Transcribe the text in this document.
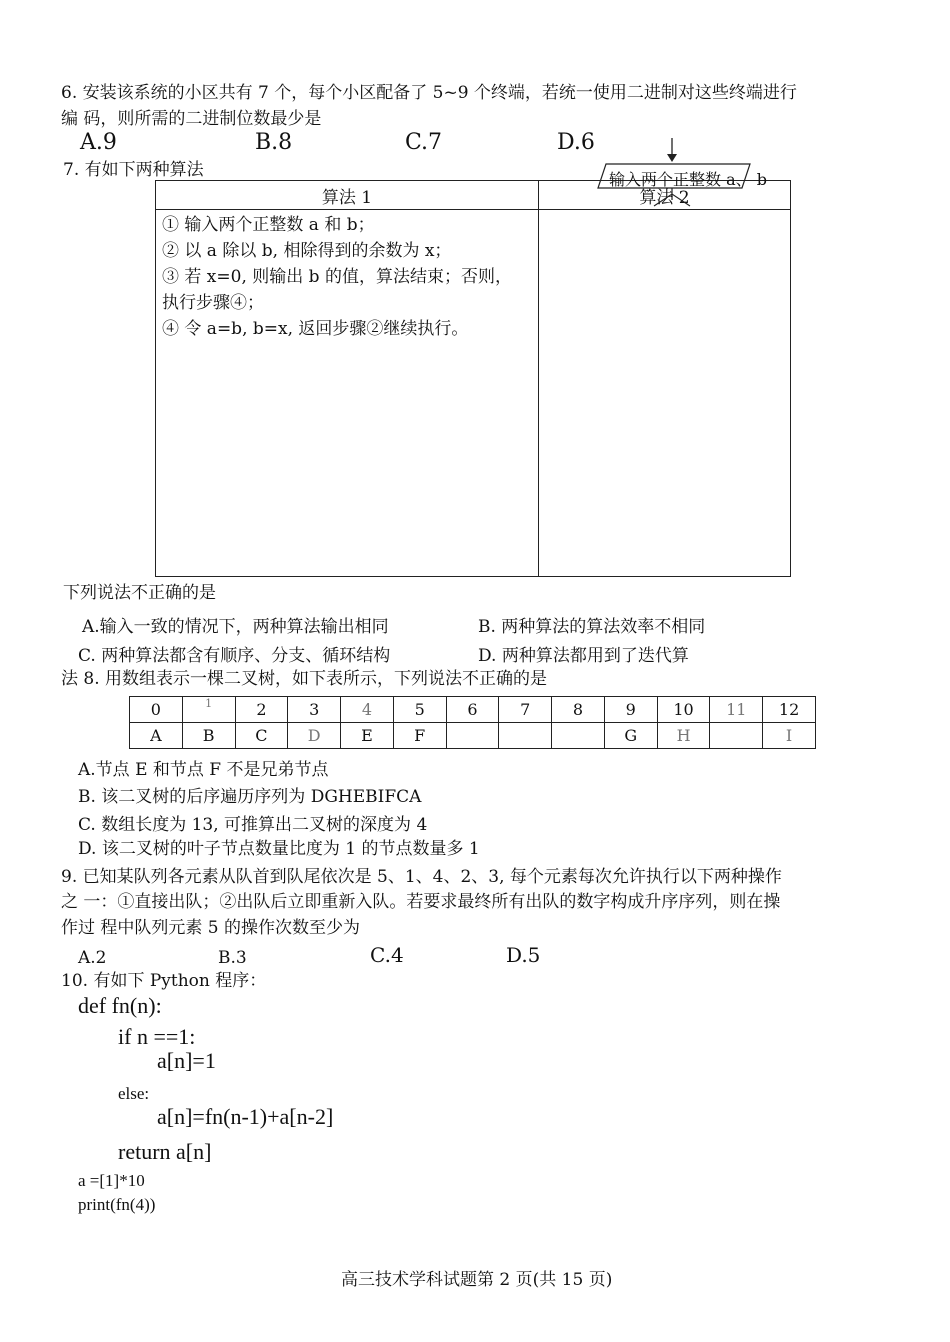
6. 安装该系统的小区共有 7 个，每个小区配备了 5~9 个终端，若统一使用二进制对这些终端进行
编 码，则所需的二进制位数最少是
A.9	B.8	C.7	D.6
7. 有如下两种算法
算法 1	算法 2

① 输入两个正整数 a 和 b；
② 以 a 除以 b, 相除得到的余数为 x；
③ 若 x=0, 则输出 b 的值，算法结束；否则， 执行步骤④；
④ 令 a=b, b=x, 返回步骤②继续执行。	

输入两个正整数 a、 b
下列说法不正确的是
A.输入一致的情况下，两种算法输出相同	B. 两种算法的算法效率不相同
C. 两种算法都含有顺序、分支、循环结构	D. 两种算法都用到了迭代算
法 8. 用数组表示一棵二叉树，如下表所示，下列说法不正确的是
0	1	2	3	4	5	6	7	8	9	10	11	12
A	B	C	D	E	F				G	H		I
A.节点 E 和节点 F 不是兄弟节点
B. 该二叉树的后序遍历序列为 DGHEBIFCA
C. 数组长度为 13, 可推算出二叉树的深度为 4
D. 该二叉树的叶子节点数量比度为 1 的节点数量多 1
9. 已知某队列各元素从队首到队尾依次是 5、1、4、2、3, 每个元素每次允许执行以下两种操作
之 一：①直接出队；②出队后立即重新入队。若要求最终所有出队的数字构成升序序列，则在操
作过 程中队列元素 5 的操作次数至少为
A.2	B.3	C.4	D.5
10. 有如下 Python 程序：
def fn(n):
if n ==1:
a[n]=1
else:
a[n]=fn(n-1)+a[n-2]
return a[n]
a =[1]*10
print(fn(4))
高三技术学科试题第 2 页(共 15 页)
